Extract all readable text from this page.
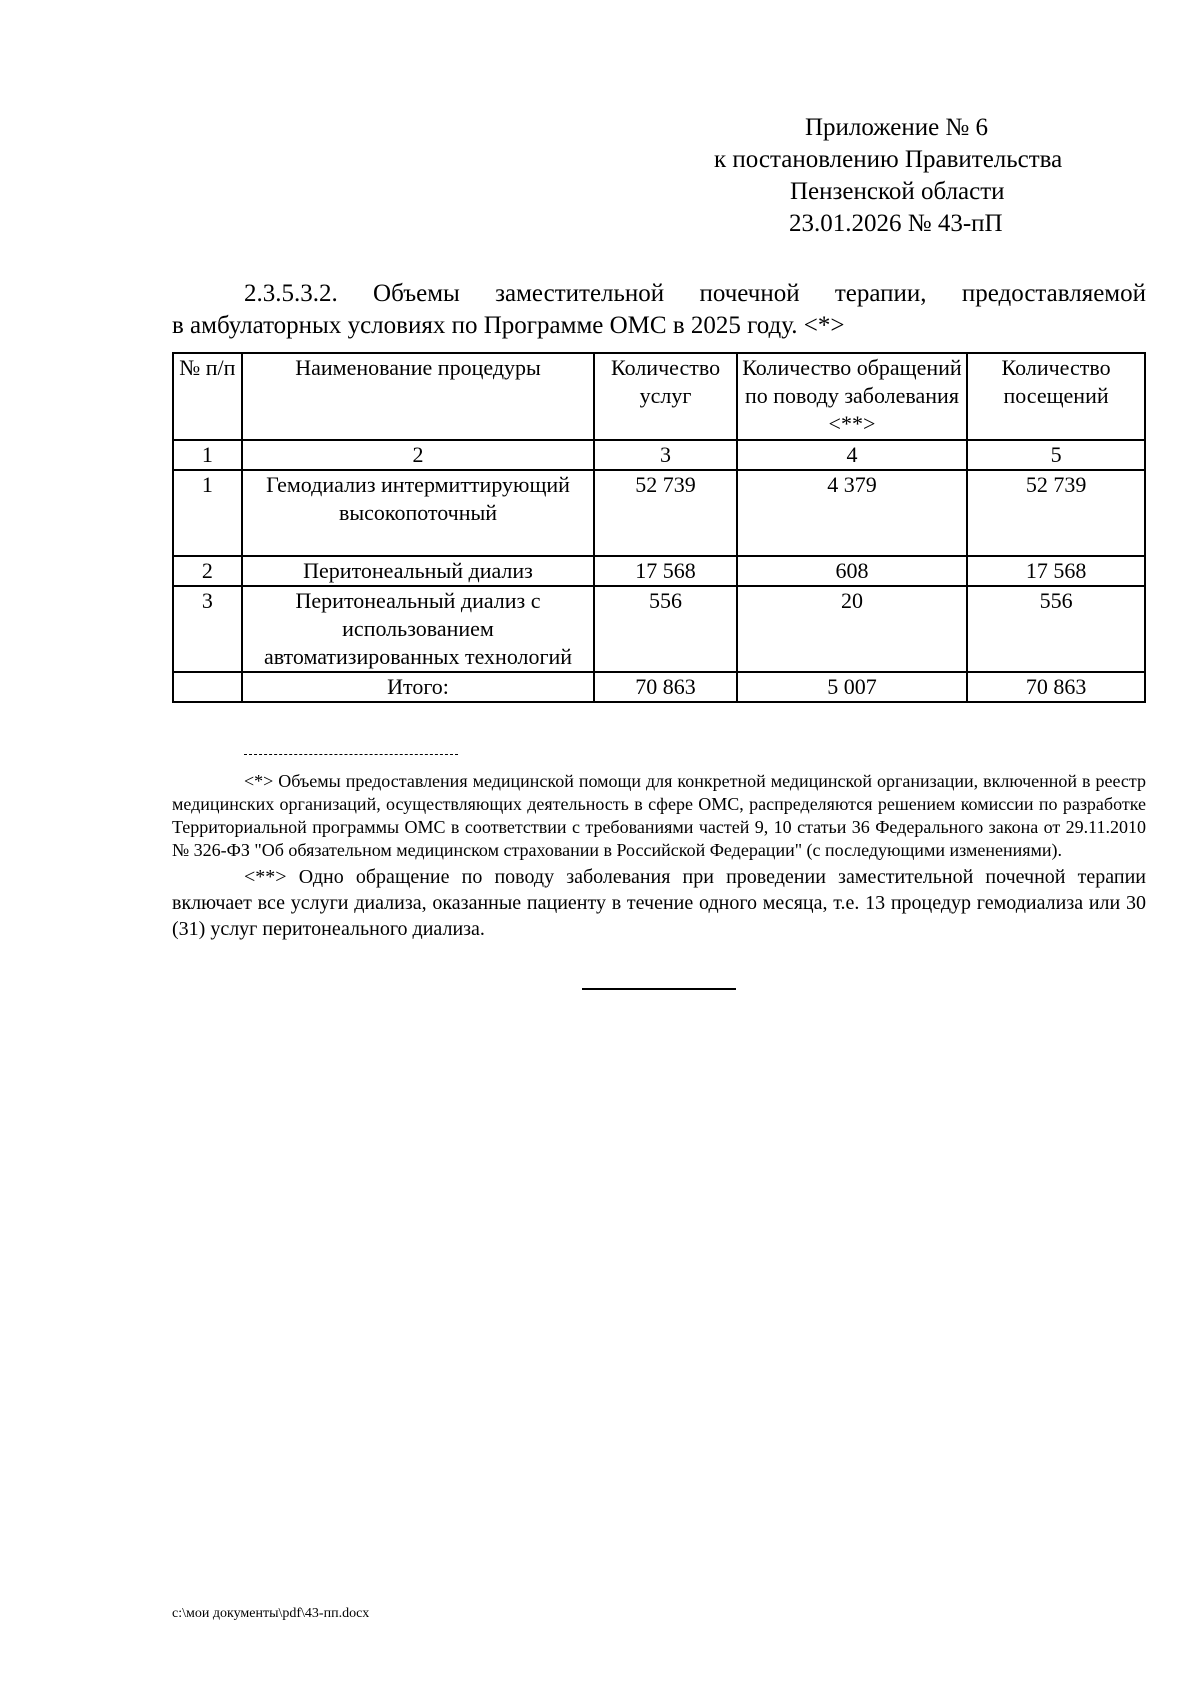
Приложение № 6
к постановлению Правительства
Пензенской области
23.01.2026 № 43-пП
2.3.5.3.2. Объемы заместительной почечной терапии, предоставляемой
в амбулаторных условиях по Программе ОМС в 2025 году. <*>
№ п/п	Наименование процедуры	Количество услуг	Количество обращений по поводу заболевания <**>	Количество посещений
1	2	3	4	5
1	Гемодиализ интермиттирующий высокопоточный	52 739	4 379	52 739
2	Перитонеальный диализ	17 568	608	17 568
3	Перитонеальный диализ с использованием автоматизированных технологий	556	20	556
	Итого:	70 863	5 007	70 863

<*> Объемы предоставления медицинской помощи для конкретной медицинской организации, включенной в реестр медицинских организаций, осуществляющих деятельность в сфере ОМС, распределяются решением комиссии по разработке Территориальной программы ОМС в соответствии с требованиями частей 9, 10 статьи 36 Федерального закона от 29.11.2010 № 326-ФЗ "Об обязательном медицинском страховании в Российской Федерации" (с последующими изменениями).

<**> Одно обращение по поводу заболевания при проведении заместительной почечной терапии включает все услуги диализа, оказанные пациенту в течение одного месяца, т.е. 13 процедур гемодиализа или 30 (31) услуг перитонеального диализа.

c:\мои документы\pdf\43-пп.docx
